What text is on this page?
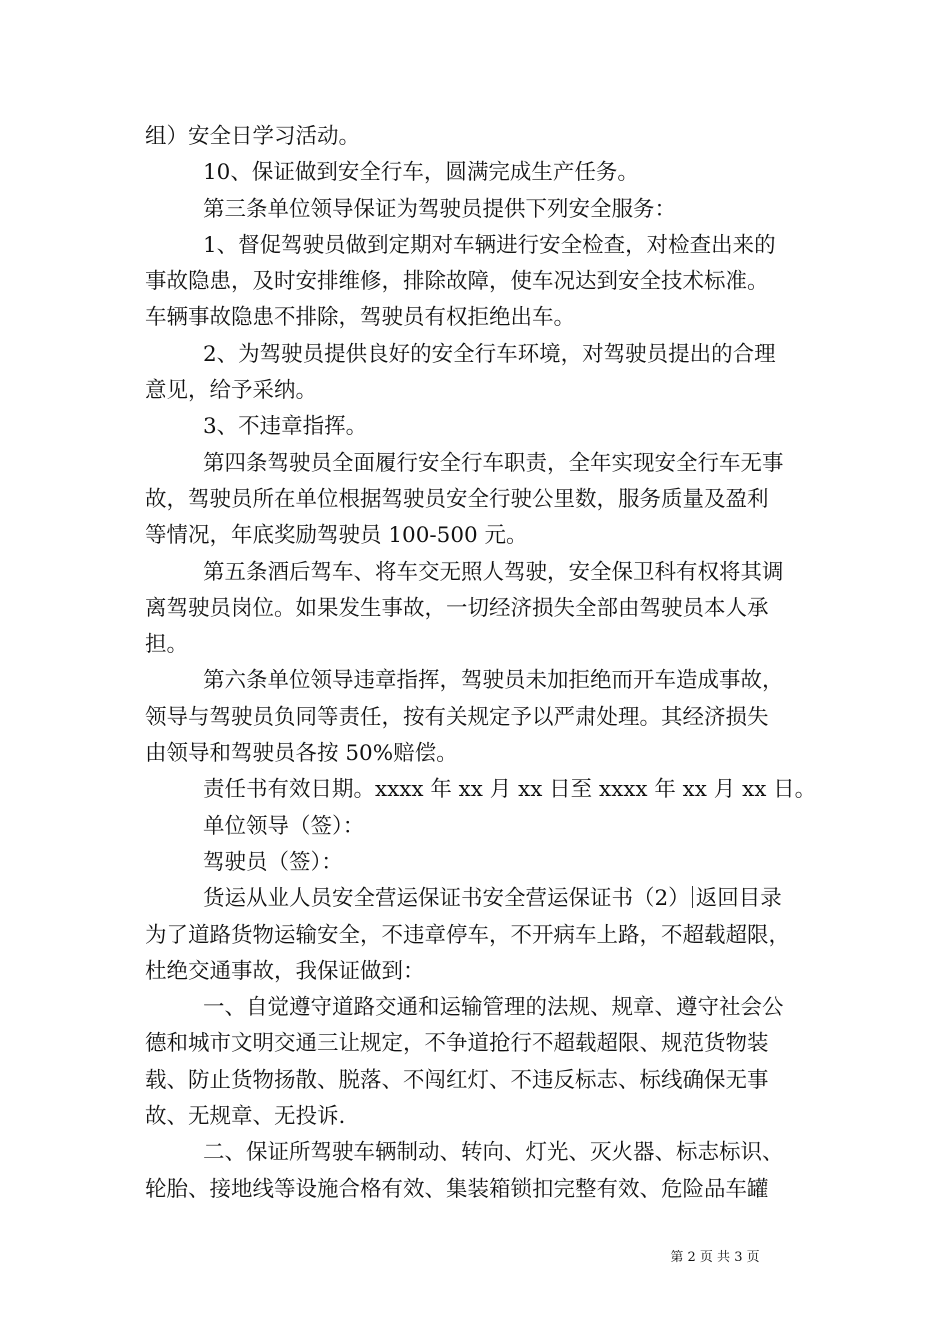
组）安全日学习活动。
10、保证做到安全行车，圆满完成生产任务。
第三条单位领导保证为驾驶员提供下列安全服务：
1、督促驾驶员做到定期对车辆进行安全检查，对检查出来的
事故隐患，及时安排维修，排除故障，使车况达到安全技术标准。
车辆事故隐患不排除，驾驶员有权拒绝出车。
2、为驾驶员提供良好的安全行车环境，对驾驶员提出的合理
意见，给予采纳。
3、不违章指挥。
第四条驾驶员全面履行安全行车职责，全年实现安全行车无事
故，驾驶员所在单位根据驾驶员安全行驶公里数，服务质量及盈利
等情况，年底奖励驾驶员 100-500 元。
第五条酒后驾车、将车交无照人驾驶，安全保卫科有权将其调
离驾驶员岗位。如果发生事故，一切经济损失全部由驾驶员本人承
担。
第六条单位领导违章指挥，驾驶员未加拒绝而开车造成事故，
领导与驾驶员负同等责任，按有关规定予以严肃处理。其经济损失
由领导和驾驶员各按 50%赔偿。
责任书有效日期。xxxx 年 xx 月 xx 日至 xxxx 年 xx 月 xx 日。
单位领导（签）：
驾驶员（签）：
货运从业人员安全营运保证书安全营运保证书（2） 返回目录
为了道路货物运输安全，不违章停车，不开病车上路，不超载超限，
杜绝交通事故，我保证做到：
一、自觉遵守道路交通和运输管理的法规、规章、遵守社会公
德和城市文明交通三让规定，不争道抢行不超载超限、规范货物装
载、防止货物扬散、脱落、不闯红灯、不违反标志、标线确保无事
故、无规章、无投诉.
二、保证所驾驶车辆制动、转向、灯光、灭火器、标志标识、
轮胎、接地线等设施合格有效、集装箱锁扣完整有效、危险品车罐
第 2 页 共 3 页
